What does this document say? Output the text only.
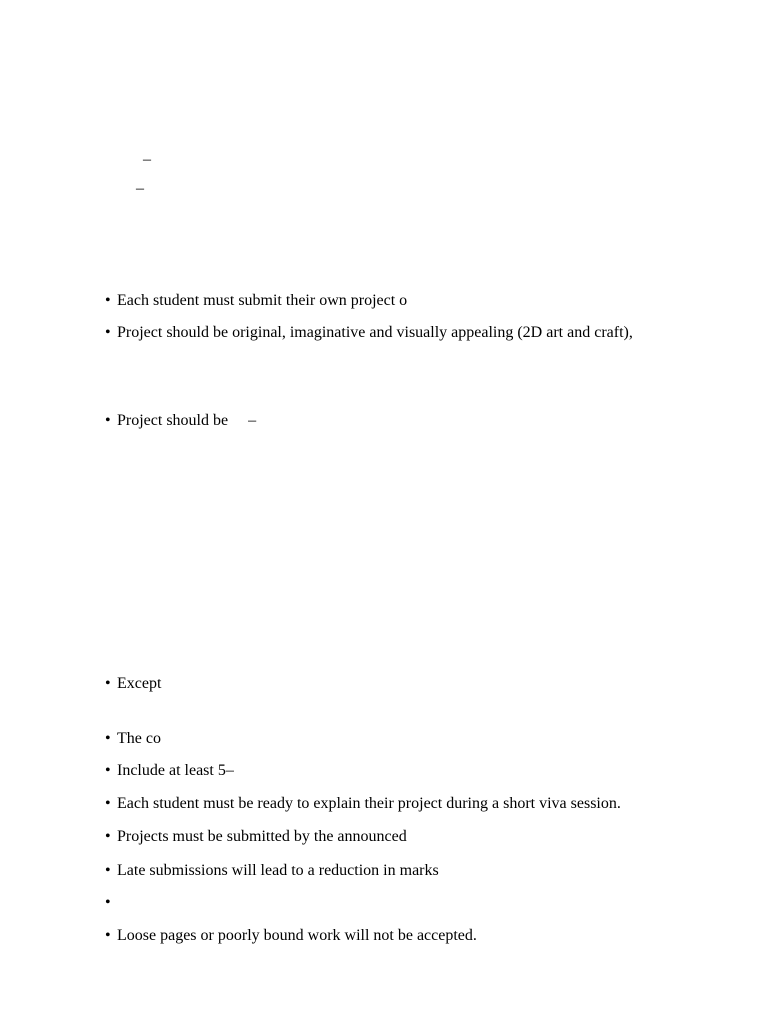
–
–

• Each student must submit their own project o

• Project should be original, imaginative and visually appealing (2D art and craft),

• Project should be     –

• Except

• The co

• Include at least 5–

• Each student must be ready to explain their project during a short viva session.

• Projects must be submitted by the announced

• Late submissions will lead to a reduction in marks

•

• Loose pages or poorly bound work will not be accepted.
